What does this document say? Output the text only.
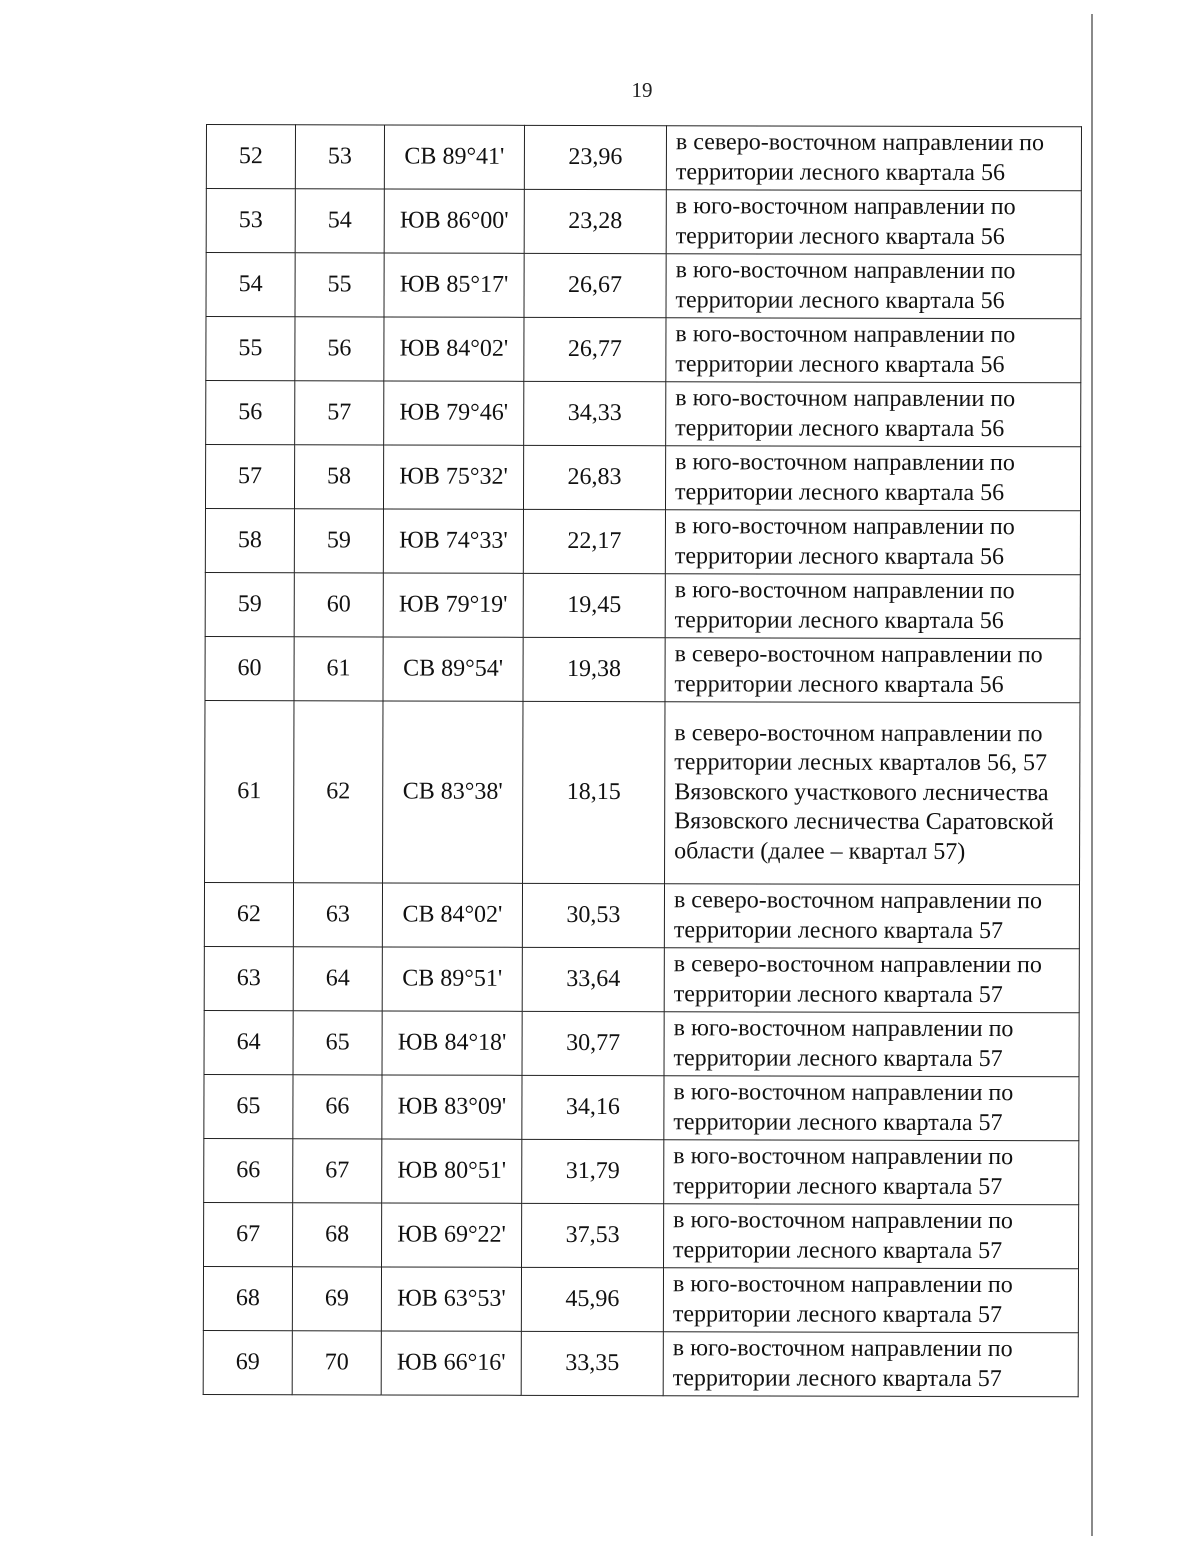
19
52	53	СВ 89°41'	23,96	в северо-восточном направлении по территории лесного квартала 56
53	54	ЮВ 86°00'	23,28	в юго-восточном направлении по территории лесного квартала 56
54	55	ЮВ 85°17'	26,67	в юго-восточном направлении по территории лесного квартала 56
55	56	ЮВ 84°02'	26,77	в юго-восточном направлении по территории лесного квартала 56
56	57	ЮВ 79°46'	34,33	в юго-восточном направлении по территории лесного квартала 56
57	58	ЮВ 75°32'	26,83	в юго-восточном направлении по территории лесного квартала 56
58	59	ЮВ 74°33'	22,17	в юго-восточном направлении по территории лесного квартала 56
59	60	ЮВ 79°19'	19,45	в юго-восточном направлении по территории лесного квартала 56
60	61	СВ 89°54'	19,38	в северо-восточном направлении по территории лесного квартала 56
61	62	СВ 83°38'	18,15	в северо-восточном направлении по территории лесных кварталов 56, 57 Вязовского участкового лесничества Вязовского лесничества Саратовской области (далее – квартал 57)
62	63	СВ 84°02'	30,53	в северо-восточном направлении по территории лесного квартала 57
63	64	СВ 89°51'	33,64	в северо-восточном направлении по территории лесного квартала 57
64	65	ЮВ 84°18'	30,77	в юго-восточном направлении по территории лесного квартала 57
65	66	ЮВ 83°09'	34,16	в юго-восточном направлении по территории лесного квартала 57
66	67	ЮВ 80°51'	31,79	в юго-восточном направлении по территории лесного квартала 57
67	68	ЮВ 69°22'	37,53	в юго-восточном направлении по территории лесного квартала 57
68	69	ЮВ 63°53'	45,96	в юго-восточном направлении по территории лесного квартала 57
69	70	ЮВ 66°16'	33,35	в юго-восточном направлении по территории лесного квартала 57
